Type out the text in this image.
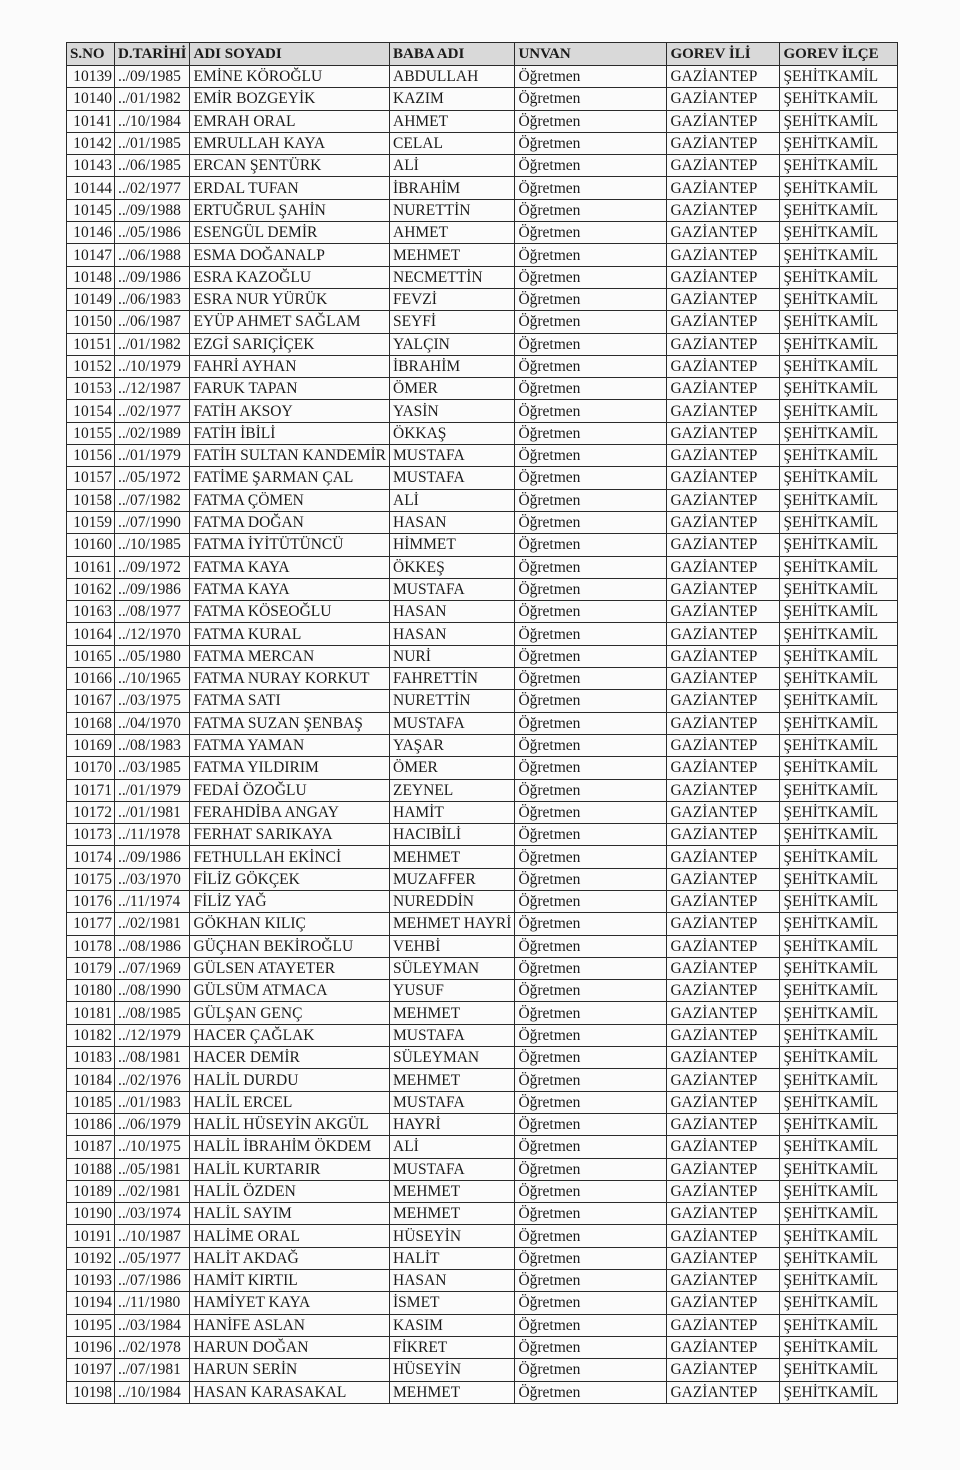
S.NO	D.TARİHİ	ADI SOYADI	BABA ADI	UNVAN	GOREV İLİ	GOREV İLÇE
10139	../09/1985	EMİNE KÖROĞLU	ABDULLAH	Öğretmen	GAZİANTEP	ŞEHİTKAMİL
10140	../01/1982	EMİR BOZGEYİK	KAZIM	Öğretmen	GAZİANTEP	ŞEHİTKAMİL
10141	../10/1984	EMRAH ORAL	AHMET	Öğretmen	GAZİANTEP	ŞEHİTKAMİL
10142	../01/1985	EMRULLAH KAYA	CELAL	Öğretmen	GAZİANTEP	ŞEHİTKAMİL
10143	../06/1985	ERCAN ŞENTÜRK	ALİ	Öğretmen	GAZİANTEP	ŞEHİTKAMİL
10144	../02/1977	ERDAL TUFAN	İBRAHİM	Öğretmen	GAZİANTEP	ŞEHİTKAMİL
10145	../09/1988	ERTUĞRUL ŞAHİN	NURETTİN	Öğretmen	GAZİANTEP	ŞEHİTKAMİL
10146	../05/1986	ESENGÜL DEMİR	AHMET	Öğretmen	GAZİANTEP	ŞEHİTKAMİL
10147	../06/1988	ESMA DOĞANALP	MEHMET	Öğretmen	GAZİANTEP	ŞEHİTKAMİL
10148	../09/1986	ESRA KAZOĞLU	NECMETTİN	Öğretmen	GAZİANTEP	ŞEHİTKAMİL
10149	../06/1983	ESRA NUR YÜRÜK	FEVZİ	Öğretmen	GAZİANTEP	ŞEHİTKAMİL
10150	../06/1987	EYÜP AHMET SAĞLAM	SEYFİ	Öğretmen	GAZİANTEP	ŞEHİTKAMİL
10151	../01/1982	EZGİ SARIÇİÇEK	YALÇIN	Öğretmen	GAZİANTEP	ŞEHİTKAMİL
10152	../10/1979	FAHRİ AYHAN	İBRAHİM	Öğretmen	GAZİANTEP	ŞEHİTKAMİL
10153	../12/1987	FARUK TAPAN	ÖMER	Öğretmen	GAZİANTEP	ŞEHİTKAMİL
10154	../02/1977	FATİH AKSOY	YASİN	Öğretmen	GAZİANTEP	ŞEHİTKAMİL
10155	../02/1989	FATİH İBİLİ	ÖKKAŞ	Öğretmen	GAZİANTEP	ŞEHİTKAMİL
10156	../01/1979	FATİH SULTAN KANDEMİR	MUSTAFA	Öğretmen	GAZİANTEP	ŞEHİTKAMİL
10157	../05/1972	FATİME ŞARMAN ÇAL	MUSTAFA	Öğretmen	GAZİANTEP	ŞEHİTKAMİL
10158	../07/1982	FATMA ÇÖMEN	ALİ	Öğretmen	GAZİANTEP	ŞEHİTKAMİL
10159	../07/1990	FATMA DOĞAN	HASAN	Öğretmen	GAZİANTEP	ŞEHİTKAMİL
10160	../10/1985	FATMA İYİTÜTÜNCÜ	HİMMET	Öğretmen	GAZİANTEP	ŞEHİTKAMİL
10161	../09/1972	FATMA KAYA	ÖKKEŞ	Öğretmen	GAZİANTEP	ŞEHİTKAMİL
10162	../09/1986	FATMA KAYA	MUSTAFA	Öğretmen	GAZİANTEP	ŞEHİTKAMİL
10163	../08/1977	FATMA KÖSEOĞLU	HASAN	Öğretmen	GAZİANTEP	ŞEHİTKAMİL
10164	../12/1970	FATMA KURAL	HASAN	Öğretmen	GAZİANTEP	ŞEHİTKAMİL
10165	../05/1980	FATMA MERCAN	NURİ	Öğretmen	GAZİANTEP	ŞEHİTKAMİL
10166	../10/1965	FATMA NURAY KORKUT	FAHRETTİN	Öğretmen	GAZİANTEP	ŞEHİTKAMİL
10167	../03/1975	FATMA SATI	NURETTİN	Öğretmen	GAZİANTEP	ŞEHİTKAMİL
10168	../04/1970	FATMA SUZAN ŞENBAŞ	MUSTAFA	Öğretmen	GAZİANTEP	ŞEHİTKAMİL
10169	../08/1983	FATMA YAMAN	YAŞAR	Öğretmen	GAZİANTEP	ŞEHİTKAMİL
10170	../03/1985	FATMA YILDIRIM	ÖMER	Öğretmen	GAZİANTEP	ŞEHİTKAMİL
10171	../01/1979	FEDAİ ÖZOĞLU	ZEYNEL	Öğretmen	GAZİANTEP	ŞEHİTKAMİL
10172	../01/1981	FERAHDİBA ANGAY	HAMİT	Öğretmen	GAZİANTEP	ŞEHİTKAMİL
10173	../11/1978	FERHAT SARIKAYA	HACIBİLİ	Öğretmen	GAZİANTEP	ŞEHİTKAMİL
10174	../09/1986	FETHULLAH EKİNCİ	MEHMET	Öğretmen	GAZİANTEP	ŞEHİTKAMİL
10175	../03/1970	FİLİZ GÖKÇEK	MUZAFFER	Öğretmen	GAZİANTEP	ŞEHİTKAMİL
10176	../11/1974	FİLİZ YAĞ	NUREDDİN	Öğretmen	GAZİANTEP	ŞEHİTKAMİL
10177	../02/1981	GÖKHAN KILIÇ	MEHMET HAYRİ	Öğretmen	GAZİANTEP	ŞEHİTKAMİL
10178	../08/1986	GÜÇHAN BEKİROĞLU	VEHBİ	Öğretmen	GAZİANTEP	ŞEHİTKAMİL
10179	../07/1969	GÜLSEN ATAYETER	SÜLEYMAN	Öğretmen	GAZİANTEP	ŞEHİTKAMİL
10180	../08/1990	GÜLSÜM ATMACA	YUSUF	Öğretmen	GAZİANTEP	ŞEHİTKAMİL
10181	../08/1985	GÜLŞAN GENÇ	MEHMET	Öğretmen	GAZİANTEP	ŞEHİTKAMİL
10182	../12/1979	HACER ÇAĞLAK	MUSTAFA	Öğretmen	GAZİANTEP	ŞEHİTKAMİL
10183	../08/1981	HACER DEMİR	SÜLEYMAN	Öğretmen	GAZİANTEP	ŞEHİTKAMİL
10184	../02/1976	HALİL DURDU	MEHMET	Öğretmen	GAZİANTEP	ŞEHİTKAMİL
10185	../01/1983	HALİL ERCEL	MUSTAFA	Öğretmen	GAZİANTEP	ŞEHİTKAMİL
10186	../06/1979	HALİL HÜSEYİN AKGÜL	HAYRİ	Öğretmen	GAZİANTEP	ŞEHİTKAMİL
10187	../10/1975	HALİL İBRAHİM ÖKDEM	ALİ	Öğretmen	GAZİANTEP	ŞEHİTKAMİL
10188	../05/1981	HALİL KURTARIR	MUSTAFA	Öğretmen	GAZİANTEP	ŞEHİTKAMİL
10189	../02/1981	HALİL ÖZDEN	MEHMET	Öğretmen	GAZİANTEP	ŞEHİTKAMİL
10190	../03/1974	HALİL SAYIM	MEHMET	Öğretmen	GAZİANTEP	ŞEHİTKAMİL
10191	../10/1987	HALİME ORAL	HÜSEYİN	Öğretmen	GAZİANTEP	ŞEHİTKAMİL
10192	../05/1977	HALİT AKDAĞ	HALİT	Öğretmen	GAZİANTEP	ŞEHİTKAMİL
10193	../07/1986	HAMİT KIRTIL	HASAN	Öğretmen	GAZİANTEP	ŞEHİTKAMİL
10194	../11/1980	HAMİYET KAYA	İSMET	Öğretmen	GAZİANTEP	ŞEHİTKAMİL
10195	../03/1984	HANİFE ASLAN	KASIM	Öğretmen	GAZİANTEP	ŞEHİTKAMİL
10196	../02/1978	HARUN DOĞAN	FİKRET	Öğretmen	GAZİANTEP	ŞEHİTKAMİL
10197	../07/1981	HARUN SERİN	HÜSEYİN	Öğretmen	GAZİANTEP	ŞEHİTKAMİL
10198	../10/1984	HASAN KARASAKAL	MEHMET	Öğretmen	GAZİANTEP	ŞEHİTKAMİL
